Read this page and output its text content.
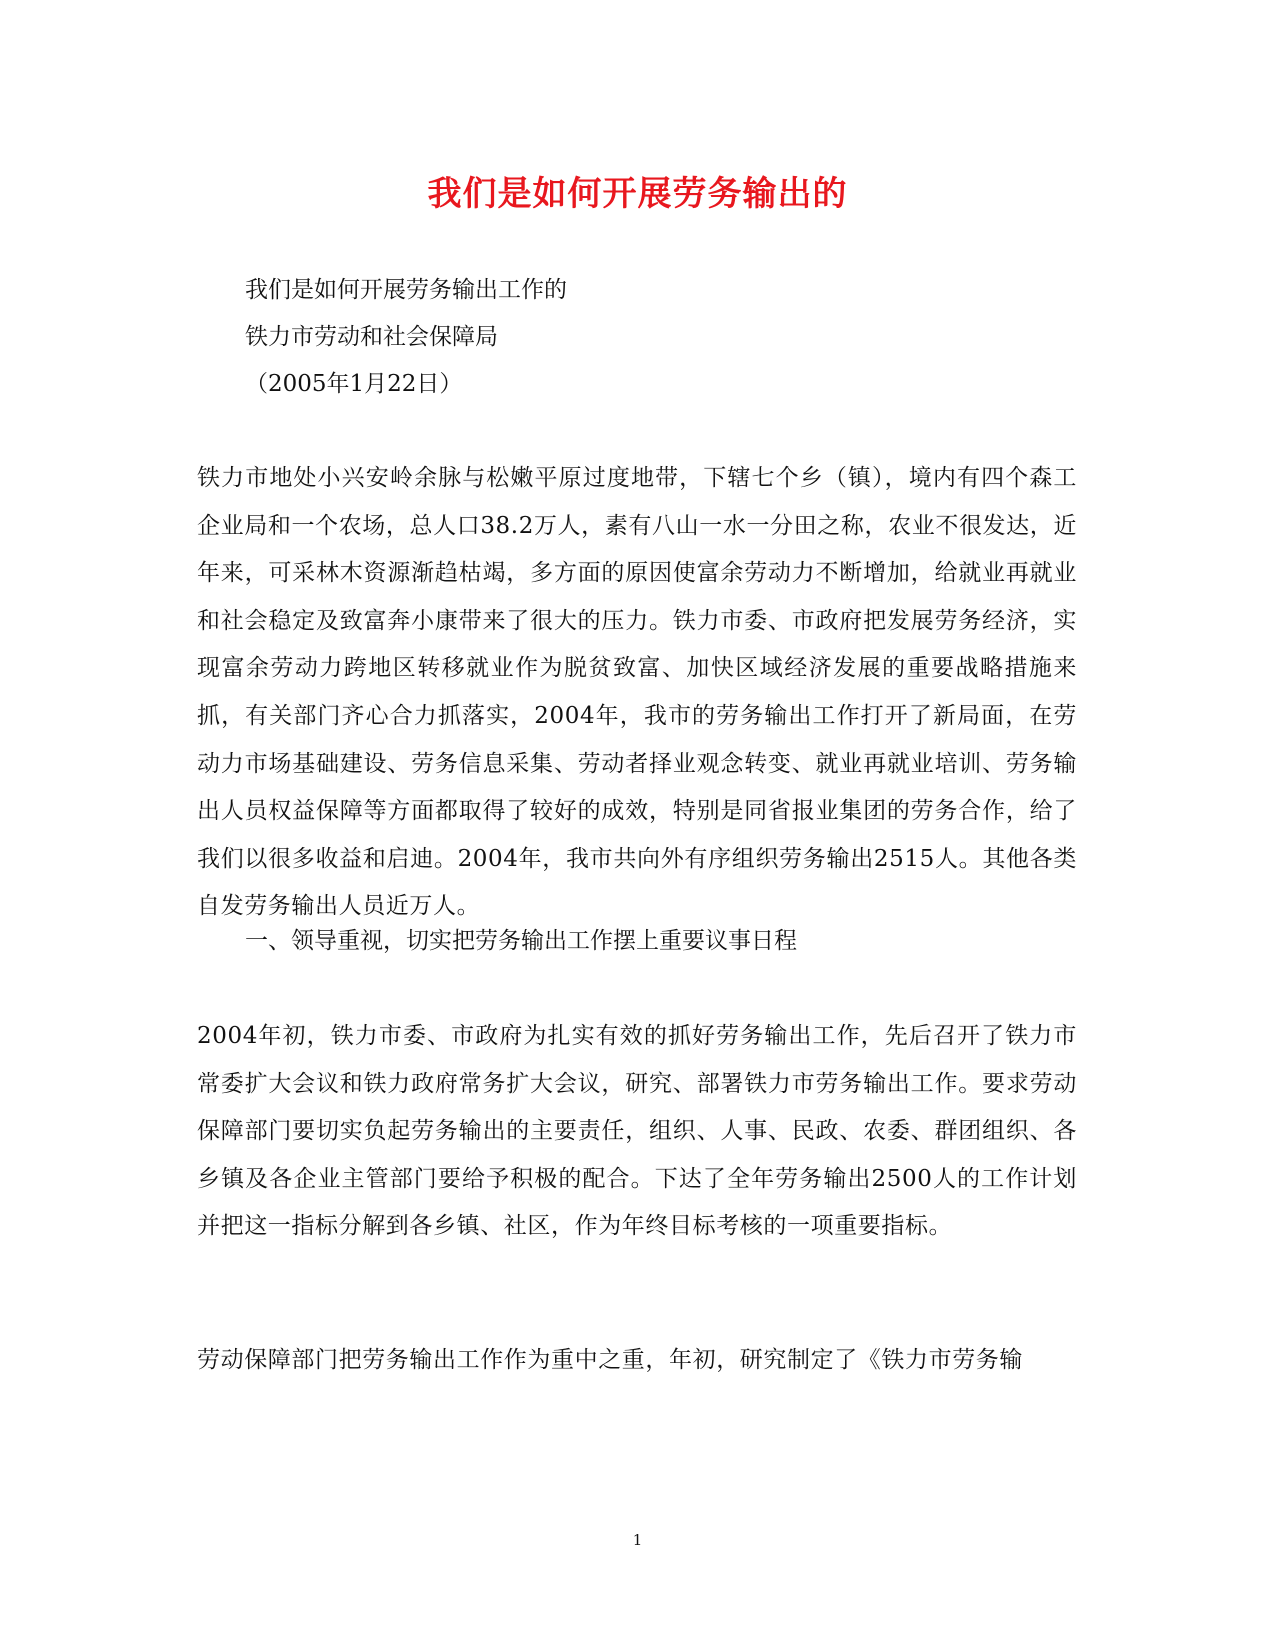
我们是如何开展劳务输出的
我们是如何开展劳务输出工作的
铁力市劳动和社会保障局
（2005年1月22日）

铁力市地处小兴安岭余脉与松嫩平原过度地带，下辖七个乡（镇），境内有四个森工企业局和一个农场，总人口38.2万人，素有八山一水一分田之称，农业不很发达，近年来，可采林木资源渐趋枯竭，多方面的原因使富余劳动力不断增加，给就业再就业和社会稳定及致富奔小康带来了很大的压力。铁力市委、市政府把发展劳务经济，实现富余劳动力跨地区转移就业作为脱贫致富、加快区域经济发展的重要战略措施来抓，有关部门齐心合力抓落实，2004年，我市的劳务输出工作打开了新局面，在劳动力市场基础建设、劳务信息采集、劳动者择业观念转变、就业再就业培训、劳务输出人员权益保障等方面都取得了较好的成效，特别是同省报业集团的劳务合作，给了我们以很多收益和启迪。2004年，我市共向外有序组织劳务输出2515人。其他各类自发劳务输出人员近万人。

一、领导重视，切实把劳务输出工作摆上重要议事日程

2004年初，铁力市委、市政府为扎实有效的抓好劳务输出工作，先后召开了铁力市常委扩大会议和铁力政府常务扩大会议，研究、部署铁力市劳务输出工作。要求劳动保障部门要切实负起劳务输出的主要责任，组织、人事、民政、农委、群团组织、各乡镇及各企业主管部门要给予积极的配合。下达了全年劳务输出2500人的工作计划并把这一指标分解到各乡镇、社区，作为年终目标考核的一项重要指标。

劳动保障部门把劳务输出工作作为重中之重，年初，研究制定了《铁力市劳务输

1
